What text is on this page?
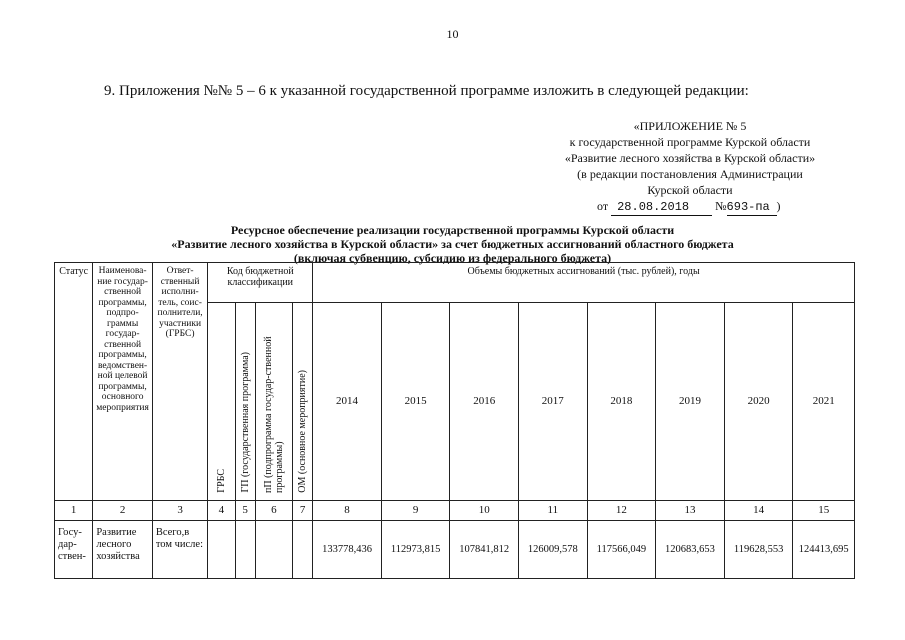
10
9. Приложения №№ 5 – 6 к указанной государственной программе изложить в следующей редакции:
«ПРИЛОЖЕНИЕ № 5
к государственной программе Курской области
«Развитие лесного хозяйства в Курской области»
(в редакции постановления Администрации
Курской области
от 28.08.2018 №693-па )
Ресурсное обеспечение реализации государственной программы Курской области
«Развитие лесного хозяйства в Курской области» за счет бюджетных ассигнований областного бюджета
(включая субвенцию, субсидию из федерального бюджета)
Статус	Наименова-ние государ-ственной программы, подпро-граммы государ-ственной программы, ведомствен-ной целевой программы, основного мероприятия	Ответ-ственный исполни-тель, соис-полнители, участники (ГРБС)	Код бюджетной классификации				Объемы бюджетных ассигнований (тыс. рублей), годы							
			ГРБС	ГП (государственная программа)	пП (подпрограмма государ-ственной программы)	ОМ (основное мероприятие)	2014	2015	2016	2017	2018	2019	2020	2021
1	2	3	4	5	6	7	8	9	10	11	12	13	14	15
Госу-дар-ствен-	Развитие лесного хозяйства	Всего,в том числе:					133778,436	112973,815	107841,812	126009,578	117566,049	120683,653	119628,553	124413,695
